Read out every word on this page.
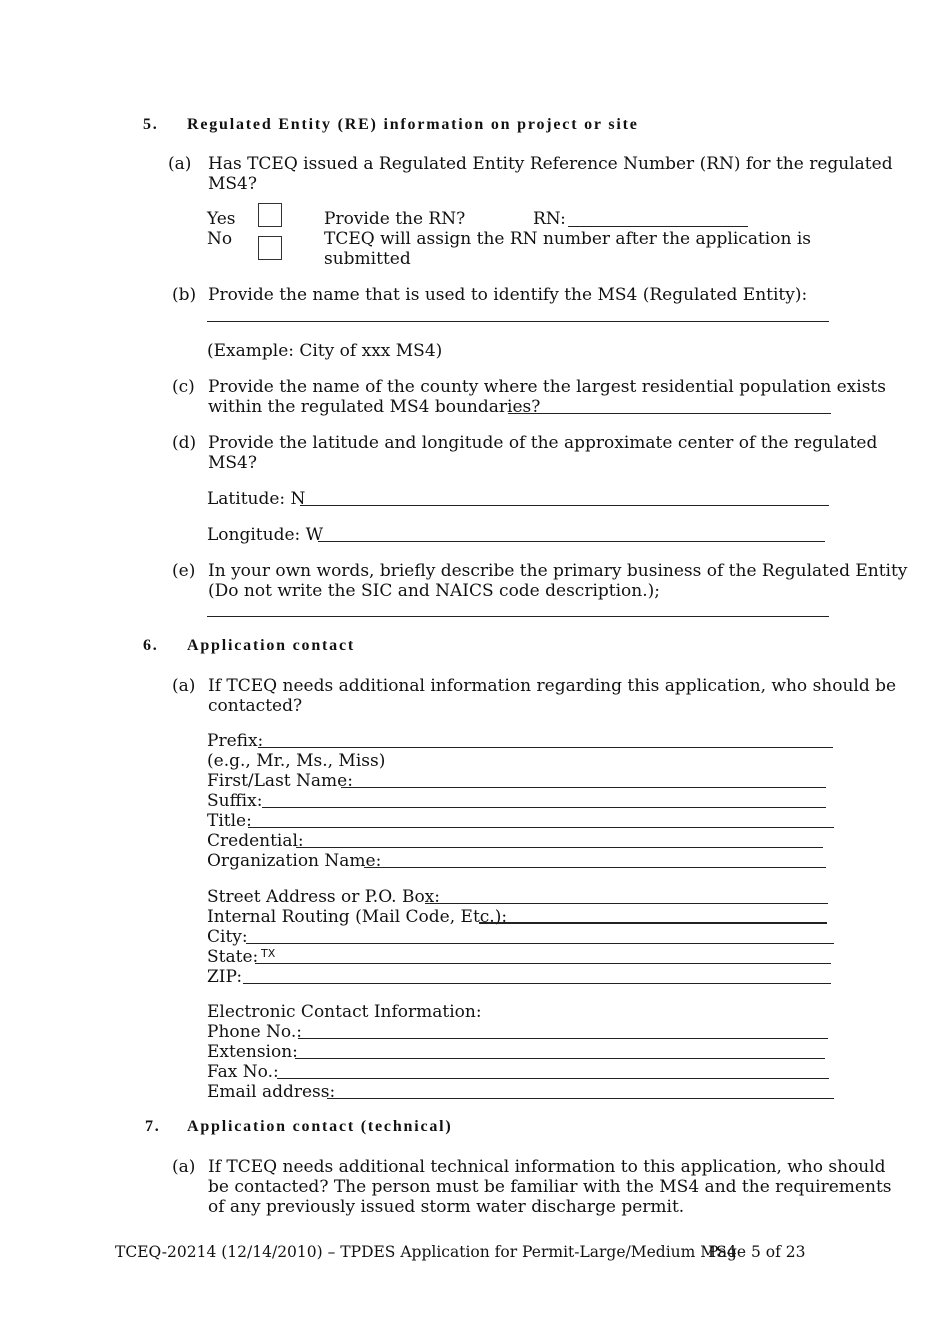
5. Regulated Entity (RE) information on project or site
(a) Has TCEQ issued a Regulated Entity Reference Number (RN) for the regulated
MS4?
Yes	Provide the RN?	RN:
No	TCEQ will assign the RN number after the application is
submitted
(b) Provide the name that is used to identify the MS4 (Regulated Entity):
(Example: City of xxx MS4)
(c) Provide the name of the county where the largest residential population exists
within the regulated MS4 boundaries?
(d) Provide the latitude and longitude of the approximate center of the regulated
MS4?
Latitude: N
Longitude: W
(e) In your own words, briefly describe the primary business of the Regulated Entity
(Do not write the SIC and NAICS code description.);
6. Application contact
(a) If TCEQ needs additional information regarding this application, who should be
contacted?
Prefix:
(e.g., Mr., Ms., Miss)
First/Last Name:
Suffix:
Title:
Credential:
Organization Name:
Street Address or P.O. Box:
Internal Routing (Mail Code, Etc.):
City:
State: TX
ZIP:
Electronic Contact Information:
Phone No.:
Extension:
Fax No.:
Email address:
7. Application contact (technical)
(a) If TCEQ needs additional technical information to this application, who should
be contacted? The person must be familiar with the MS4 and the requirements
of any previously issued storm water discharge permit.
TCEQ-20214 (12/14/2010) – TPDES Application for Permit-Large/Medium MS4
Page 5 of 23
